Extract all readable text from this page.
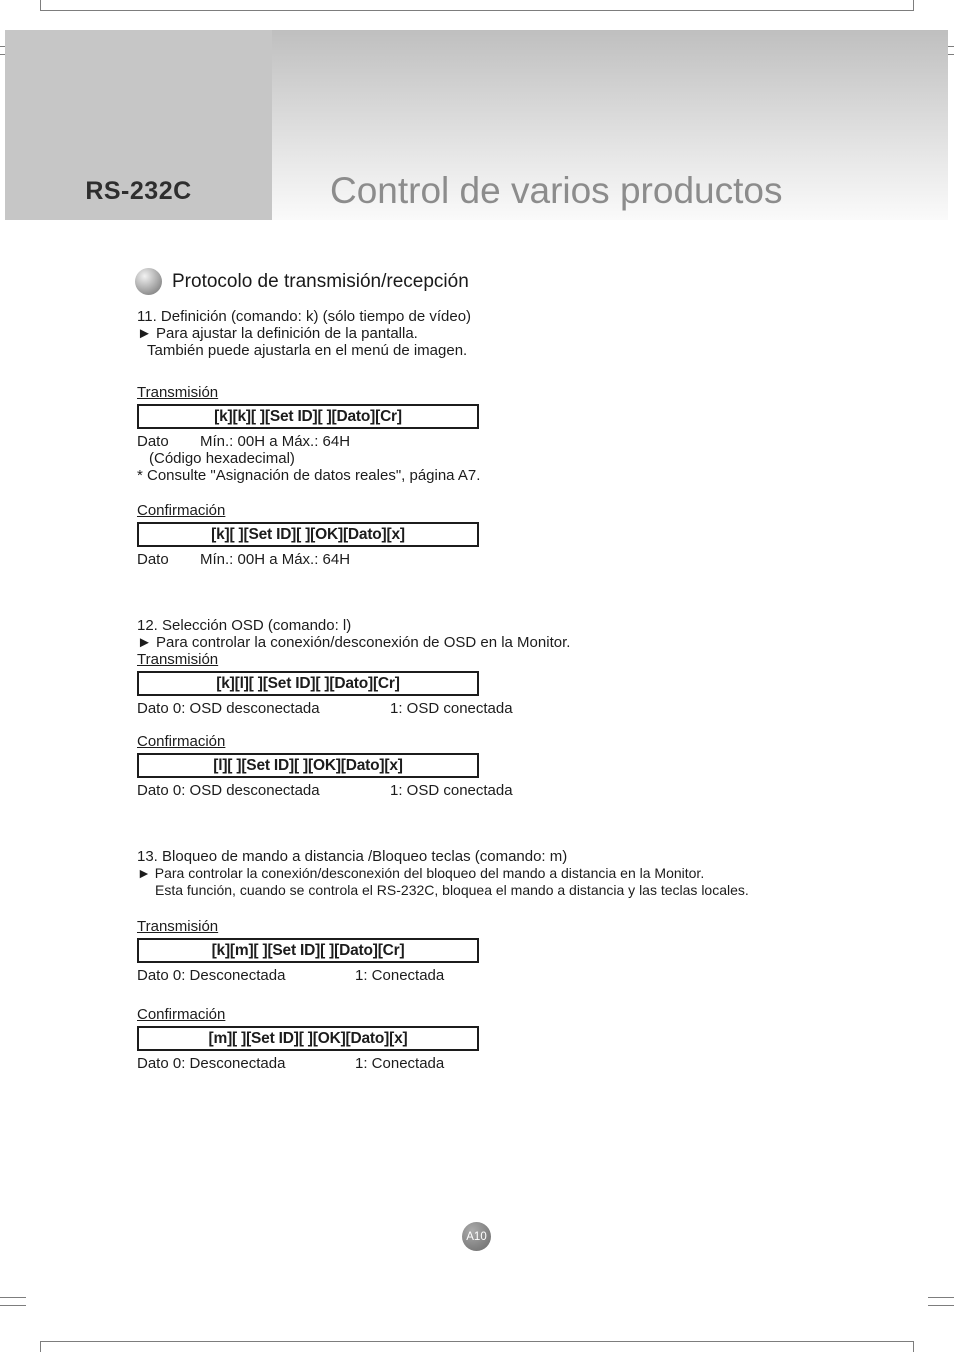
RS-232C	Control de varios productos
Protocolo de transmisión/recepción
11. Definición (comando: k) (sólo tiempo de vídeo)
► Para ajustar la definición de la pantalla.
También puede ajustarla en el menú de imagen.
Transmisión
[k][k][ ][Set ID][ ][Dato][Cr]
Dato Mín.: 00H a Máx.: 64H
(Código hexadecimal)
* Consulte "Asignación de datos reales", página A7.
Confirmación
[k][ ][Set ID][ ][OK][Dato][x]
Dato Mín.: 00H a Máx.: 64H
12. Selección OSD (comando: l)
► Para controlar la conexión/desconexión de OSD en la Monitor.
Transmisión
[k][l][ ][Set ID][ ][Dato][Cr]
Dato 0: OSD desconectada	1: OSD conectada
Confirmación
[l][ ][Set ID][ ][OK][Dato][x]
Dato 0: OSD desconectada	1: OSD conectada
13. Bloqueo de mando a distancia /Bloqueo teclas (comando: m)
► Para controlar la conexión/desconexión del bloqueo del mando a distancia en la Monitor.
Esta función, cuando se controla el RS-232C, bloquea el mando a distancia y las teclas locales.
Transmisión
[k][m][ ][Set ID][ ][Dato][Cr]
Dato 0: Desconectada	1: Conectada
Confirmación
[m][ ][Set ID][ ][OK][Dato][x]
Dato 0: Desconectada	1: Conectada
A10
